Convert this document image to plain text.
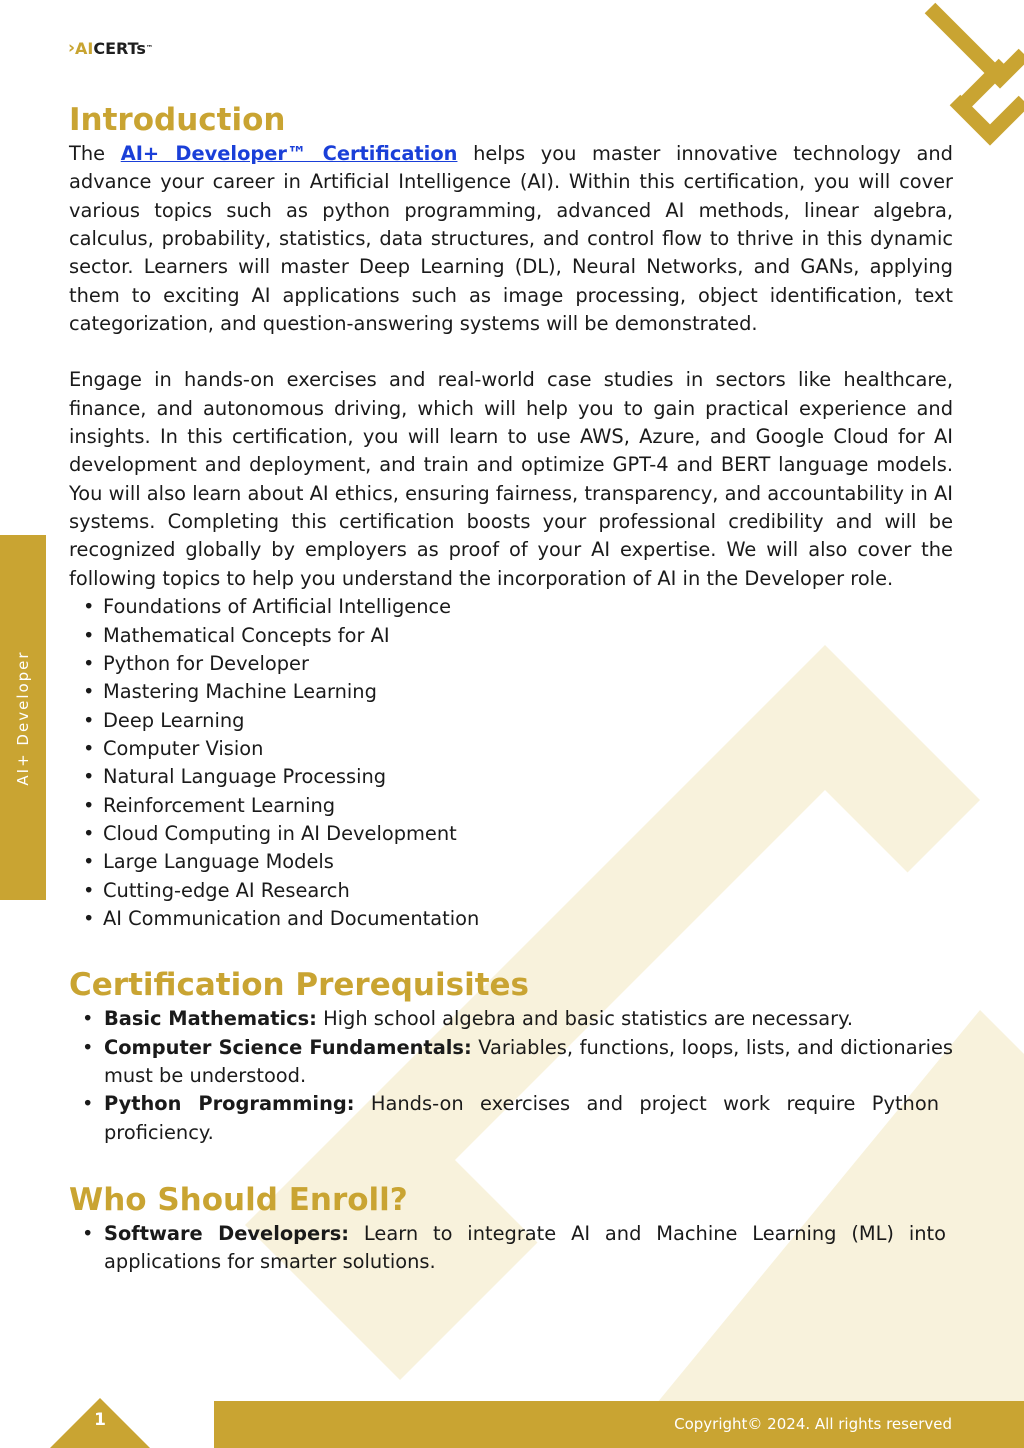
› AI CERTs ™
AI+ Developer
Introduction

The AI+ Developer™ Certification helps you master innovative technology and advance your career in Artificial Intelligence (AI). Within this certification, you will cover various topics such as python programming, advanced AI methods, linear algebra, calculus, probability, statistics, data structures, and control flow to thrive in this dynamic sector. Learners will master Deep Learning (DL), Neural Networks, and GANs, applying them to exciting AI applications such as image processing, object identification, text categorization, and question-answering systems will be demonstrated.

Engage in hands-on exercises and real-world case studies in sectors like healthcare, finance, and autonomous driving, which will help you to gain practical experience and insights. In this certification, you will learn to use AWS, Azure, and Google Cloud for AI development and deployment, and train and optimize GPT-4 and BERT language models. You will also learn about AI ethics, ensuring fairness, transparency, and accountability in AI systems. Completing this certification boosts your professional credibility and will be recognized globally by employers as proof of your AI expertise. We will also cover the following topics to help you understand the incorporation of AI in the Developer role.

• Foundations of Artificial Intelligence
• Mathematical Concepts for AI
• Python for Developer
• Mastering Machine Learning
• Deep Learning
• Computer Vision
• Natural Language Processing
• Reinforcement Learning
• Cloud Computing in AI Development
• Large Language Models
• Cutting-edge AI Research
• AI Communication and Documentation
Certification Prerequisites
• Basic Mathematics: High school algebra and basic statistics are necessary.
• Computer Science Fundamentals: Variables, functions, loops, lists, and dictionaries must be understood.
• Python Programming: Hands-on exercises and project work require Python proficiency.
Who Should Enroll?
• Software Developers: Learn to integrate AI and Machine Learning (ML) into applications for smarter solutions.
1	Copyright© 2024. All rights reserved
